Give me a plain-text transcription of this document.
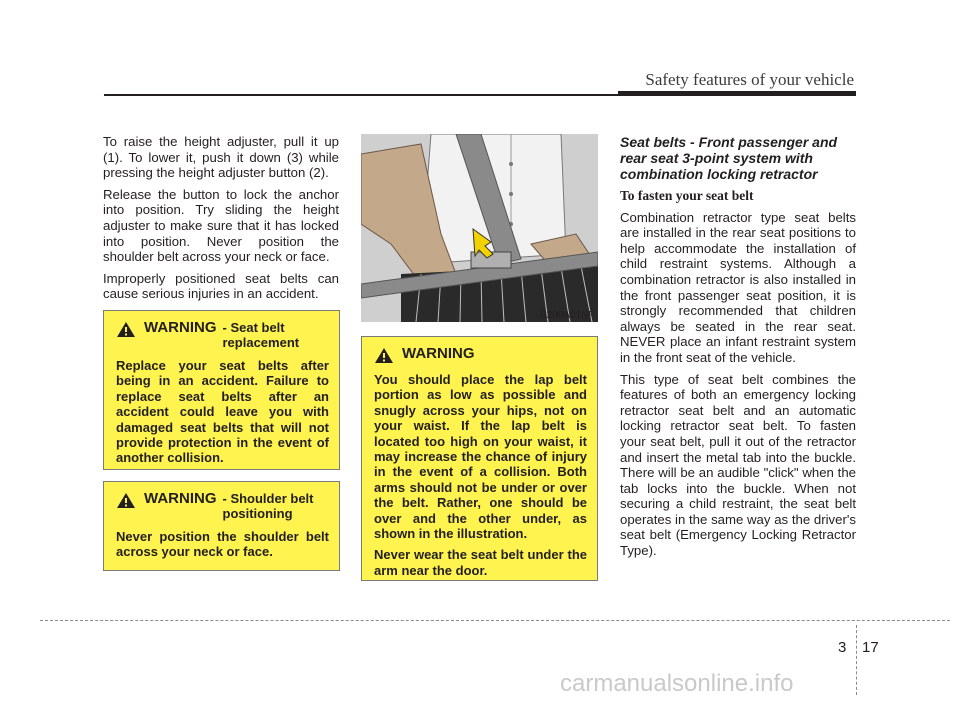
Safety features of your vehicle

To raise the height adjuster, pull it up (1). To lower it, push it down (3) while pressing the height adjuster button (2).

Release the button to lock the anchor into position. Try sliding the height adjuster to make sure that it has locked into position. Never position the shoulder belt across your neck or face.

Improperly positioned seat belts can cause serious injuries in an accident.

B200A01NF
WARNING - Seat belt replacement

Replace your seat belts after being in an accident. Failure to replace seat belts after an accident could leave you with damaged seat belts that will not provide protection in the event of another collision.

WARNING - Shoulder belt positioning

Never position the shoulder belt across your neck or face.

WARNING

You should place the lap belt portion as low as possible and snugly across your hips, not on your waist. If the lap belt is located too high on your waist, it may increase the chance of injury in the event of a collision. Both arms should not be under or over the belt. Rather, one should be over and the other under, as shown in the illustration.

Never wear the seat belt under the arm near the door.

Seat belts - Front passenger and rear seat 3-point system with combination locking retractor

To fasten your seat belt

Combination retractor type seat belts are installed in the rear seat positions to help accommodate the installation of child restraint systems. Although a combination retractor is also installed in the front passenger seat position, it is strongly recommended that children always be seated in the rear seat. NEVER place an infant restraint system in the front seat of the vehicle.

This type of seat belt combines the features of both an emergency locking retractor seat belt and an automatic locking retractor seat belt. To fasten your seat belt, pull it out of the retractor and insert the metal tab into the buckle. There will be an audible "click" when the tab locks into the buckle. When not securing a child restraint, the seat belt operates in the same way as the driver's seat belt (Emergency Locking Retractor Type).

3 17
carmanualsonline.info
